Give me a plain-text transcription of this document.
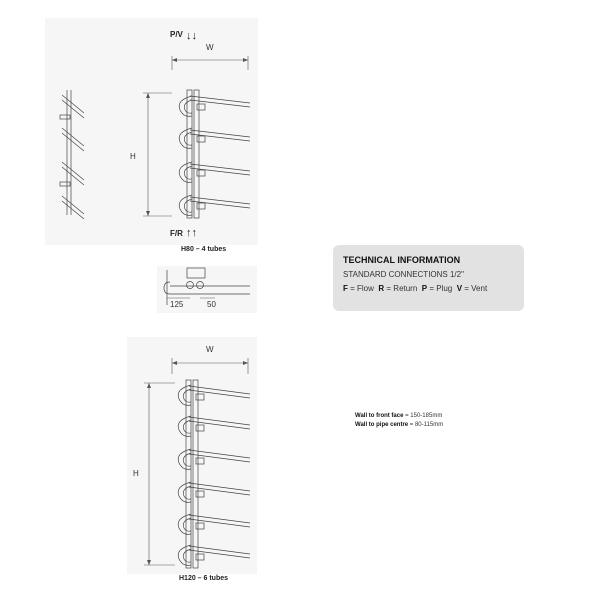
P/V ↓↓
W
H
F/R ↑↑
H80 – 4 tubes
125	50
TECHNICAL INFORMATION
STANDARD CONNECTIONS 1/2"
F = Flow R = Return P = Plug V = Vent
W
H
H120 – 6 tubes
Wall to front face = 150-185mm
Wall to pipe centre = 80-115mm
